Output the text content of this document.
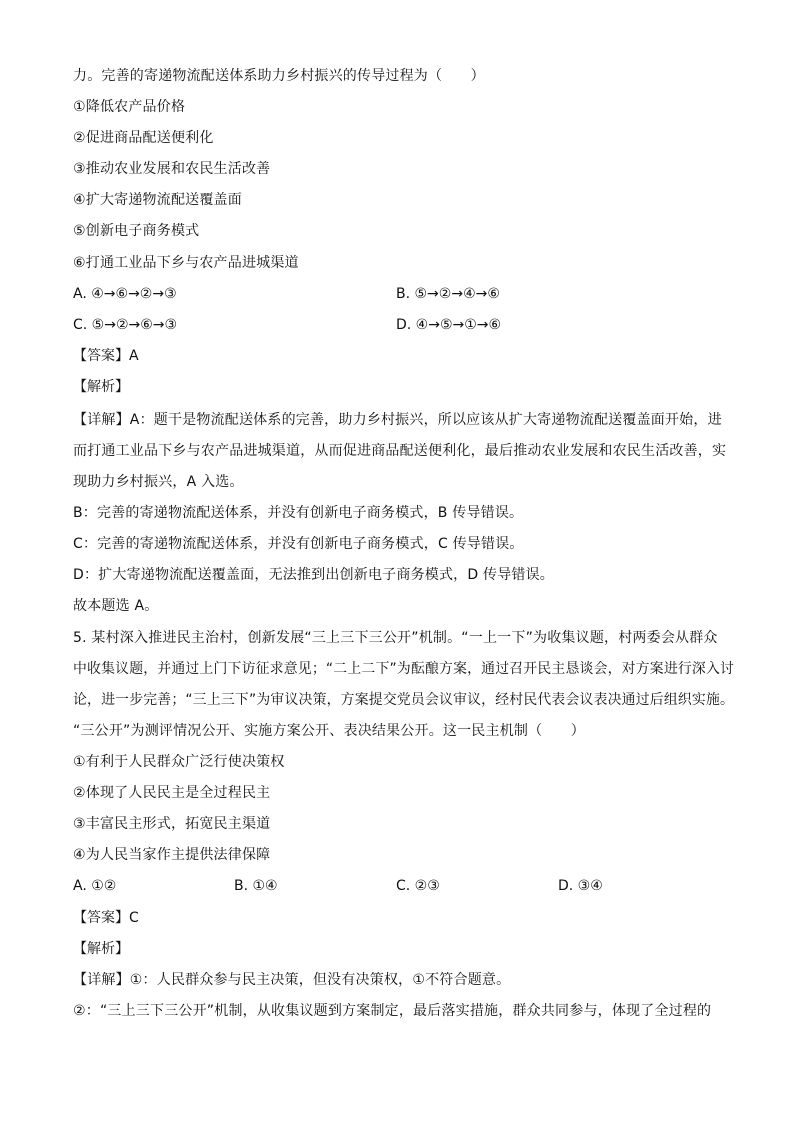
力。完善的寄递物流配送体系助力乡村振兴的传导过程为（　　）
①降低农产品价格
②促进商品配送便利化
③推动农业发展和农民生活改善
④扩大寄递物流配送覆盖面
⑤创新电子商务模式
⑥打通工业品下乡与农产品进城渠道
A. ④→⑥→②→③	B. ⑤→②→④→⑥
C. ⑤→②→⑥→③	D. ④→⑤→①→⑥
【答案】A
【解析】
【详解】A：题干是物流配送体系的完善，助力乡村振兴，所以应该从扩大寄递物流配送覆盖面开始，进
而打通工业品下乡与农产品进城渠道，从而促进商品配送便利化，最后推动农业发展和农民生活改善，实
现助力乡村振兴，A 入选。
B：完善的寄递物流配送体系，并没有创新电子商务模式，B 传导错误。
C：完善的寄递物流配送体系，并没有创新电子商务模式，C 传导错误。
D：扩大寄递物流配送覆盖面，无法推到出创新电子商务模式，D 传导错误。
故本题选 A。
5. 某村深入推进民主治村，创新发展“三上三下三公开”机制。“一上一下”为收集议题，村两委会从群众
中收集议题，并通过上门下访征求意见；“二上二下”为酝酿方案，通过召开民主恳谈会，对方案进行深入讨
论，进一步完善；“三上三下”为审议决策，方案提交党员会议审议，经村民代表会议表决通过后组织实施。
“三公开”为测评情况公开、实施方案公开、表决结果公开。这一民主机制（　　）
①有利于人民群众广泛行使决策权
②体现了人民民主是全过程民主
③丰富民主形式，拓宽民主渠道
④为人民当家作主提供法律保障
A. ①②	B. ①④	C. ②③	D. ③④
【答案】C
【解析】
【详解】①：人民群众参与民主决策，但没有决策权，①不符合题意。
②：“三上三下三公开”机制，从收集议题到方案制定，最后落实措施，群众共同参与，体现了全过程的
